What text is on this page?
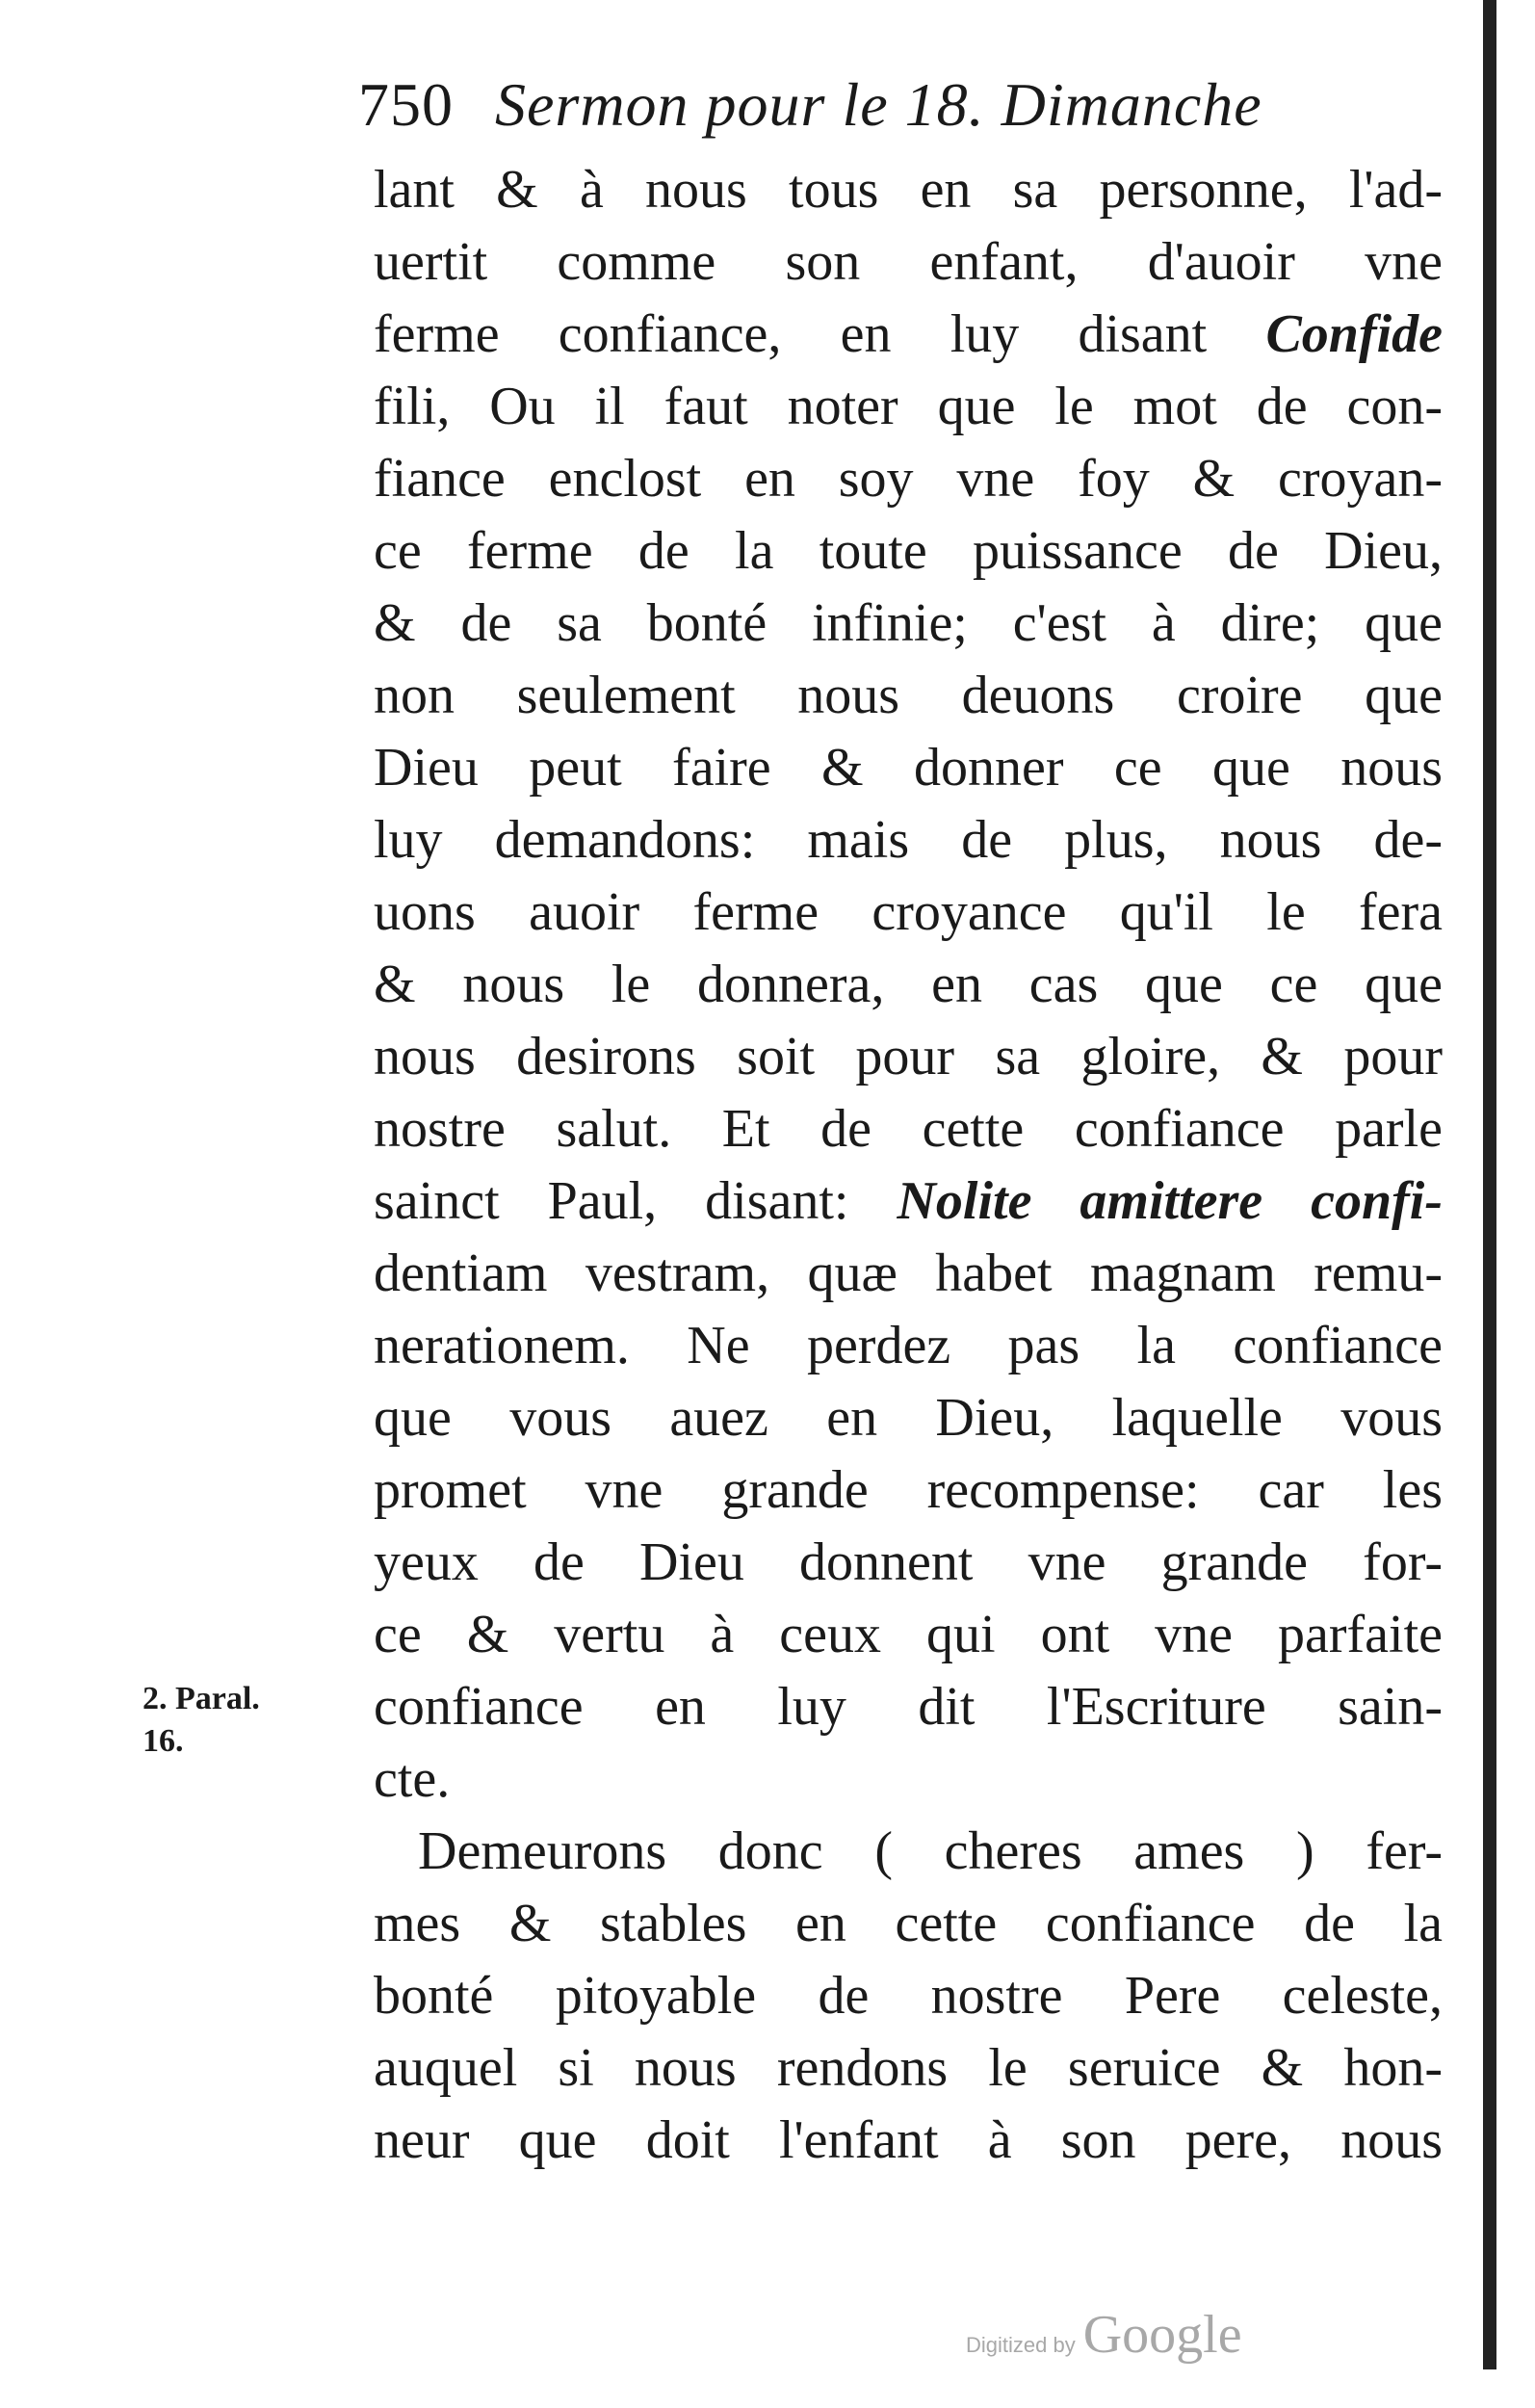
750 Sermon pour le 18. Dimanche
lant & à nous tous en sa personne, l'ad-
uertit comme son enfant, d'auoir vne
ferme confiance, en luy disant Confide
fili, Ou il faut noter que le mot de con-
fiance enclost en soy vne foy & croyan-
ce ferme de la toute puissance de Dieu,
& de sa bonté infinie; c'est à dire; que
non seulement nous deuons croire que
Dieu peut faire & donner ce que nous
luy demandons: mais de plus, nous de-
uons auoir ferme croyance qu'il le fera
& nous le donnera, en cas que ce que
nous desirons soit pour sa gloire, & pour
nostre salut. Et de cette confiance parle
sainct Paul, disant: Nolite amittere confi-
dentiam vestram, quæ habet magnam remu-
nerationem. Ne perdez pas la confiance
que vous auez en Dieu, laquelle vous
promet vne grande recompense: car les
yeux de Dieu donnent vne grande for-
ce & vertu à ceux qui ont vne parfaite
confiance en luy dit l'Escriture sain-
cte.
Demeurons donc ( cheres ames ) fer-
mes & stables en cette confiance de la
bonté pitoyable de nostre Pere celeste,
auquel si nous rendons le seruice & hon-
neur que doit l'enfant à son pere, nous
2. Paral.
16.
Digitized by Google
